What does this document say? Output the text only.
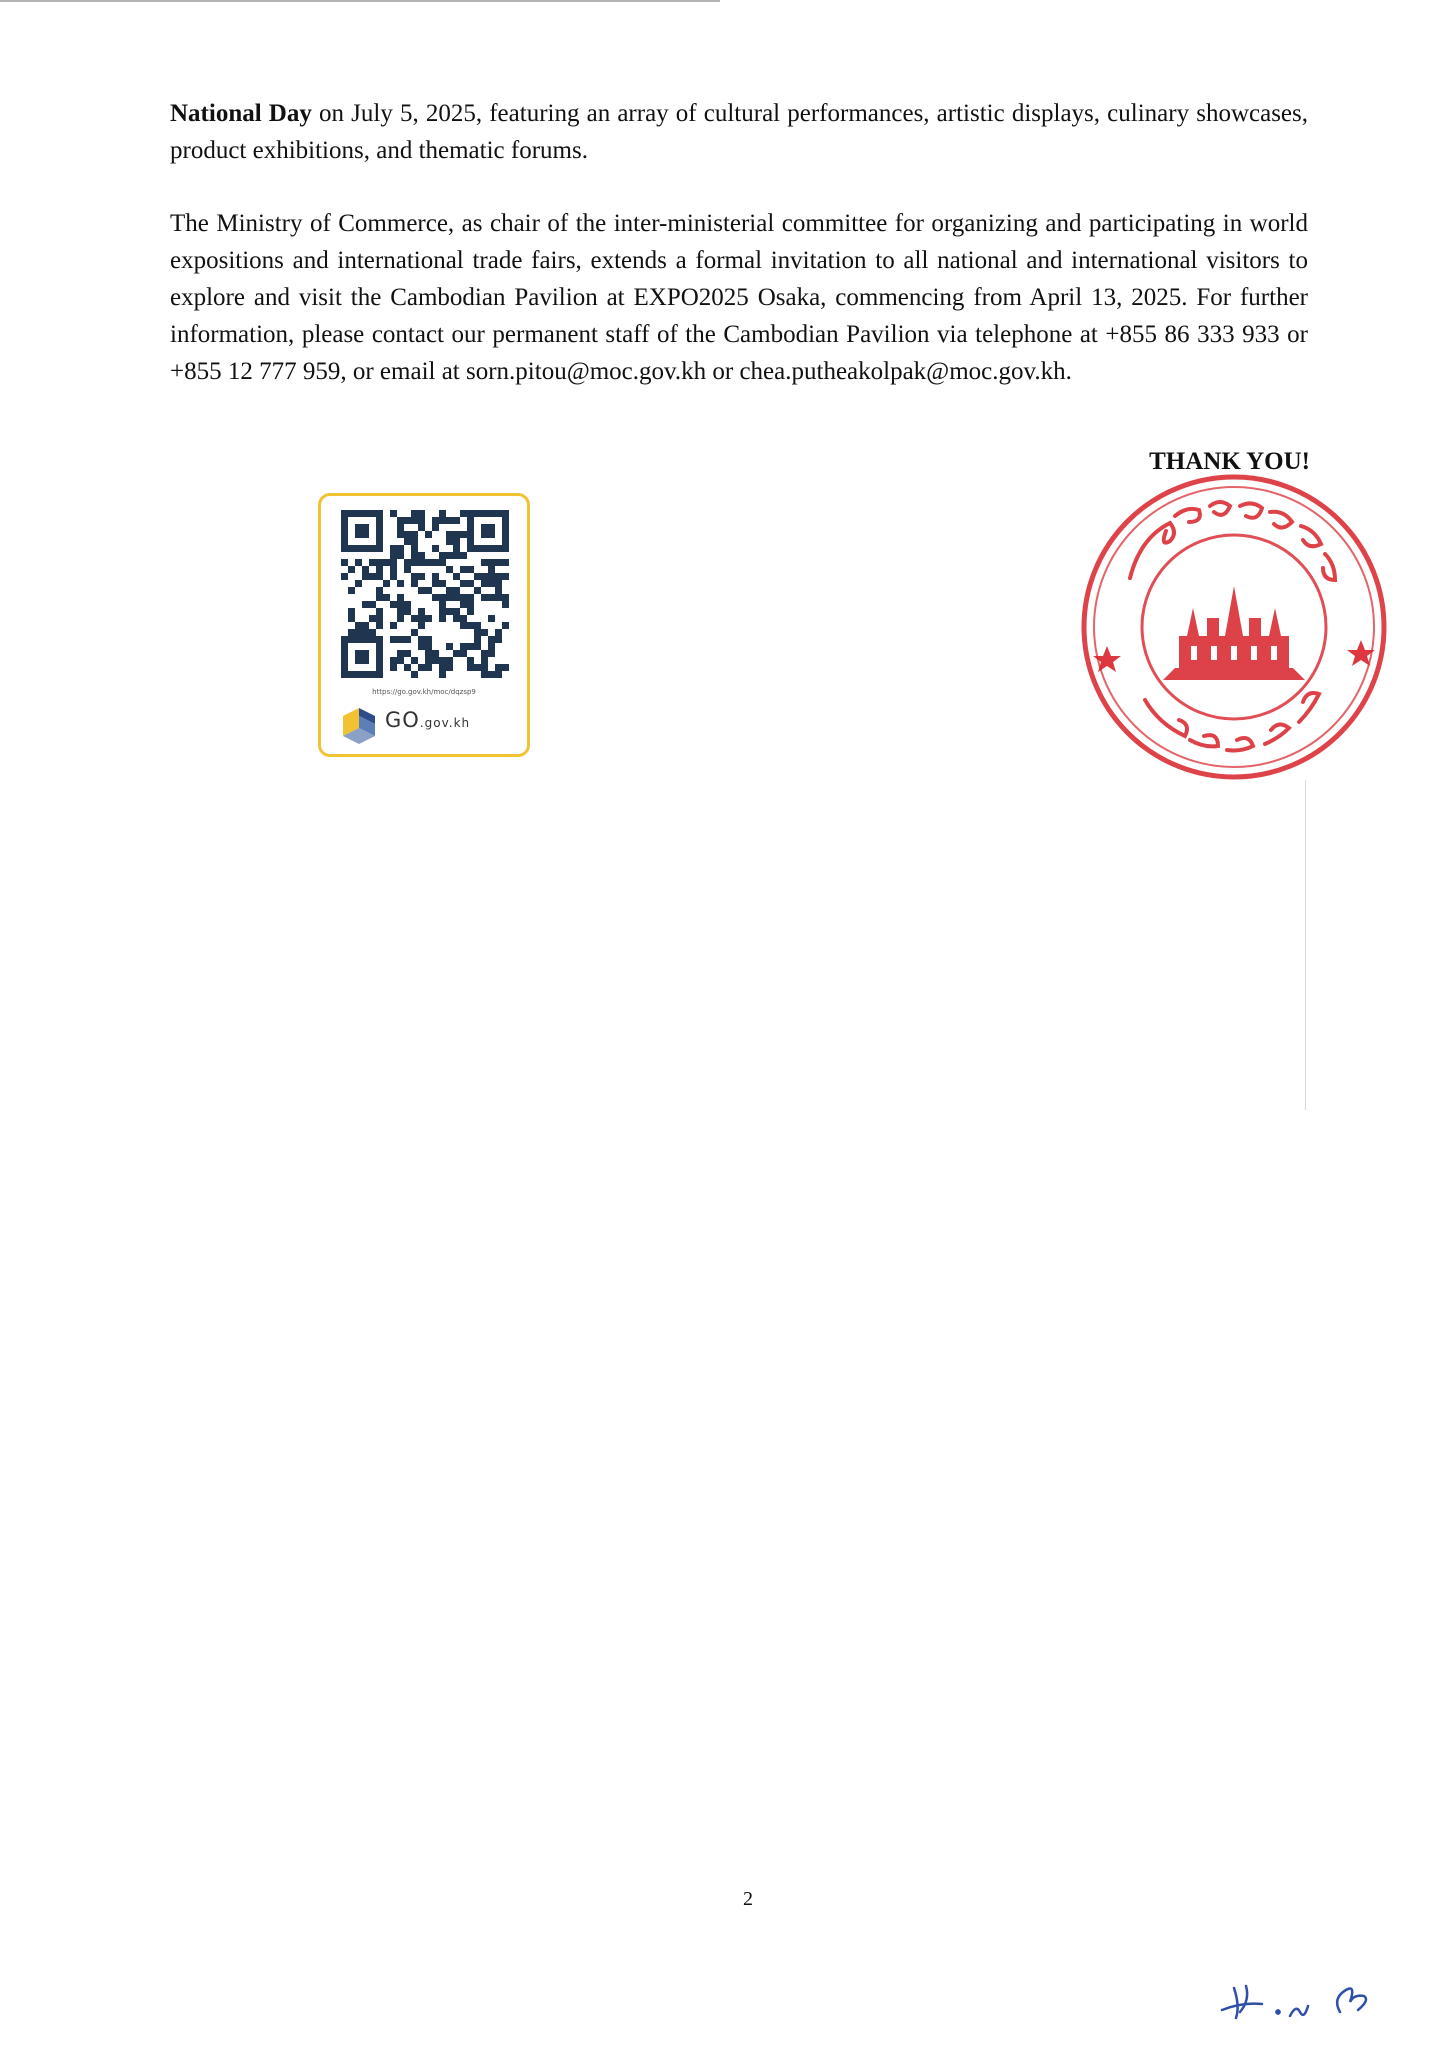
National Day on July 5, 2025, featuring an array of cultural performances, artistic displays, culinary showcases, product exhibitions, and thematic forums.

The Ministry of Commerce, as chair of the inter-ministerial committee for organizing and participating in world expositions and international trade fairs, extends a formal invitation to all national and international visitors to explore and visit the Cambodian Pavilion at EXPO2025 Osaka, commencing from April 13, 2025. For further information, please contact our permanent staff of the Cambodian Pavilion via telephone at +855 86 333 933 or +855 12 777 959, or email at sorn.pitou@moc.gov.kh or chea.putheakolpak@moc.gov.kh.

THANK YOU!
https://go.gov.kh/moc/dqzsp9
GO.gov.kh
2
